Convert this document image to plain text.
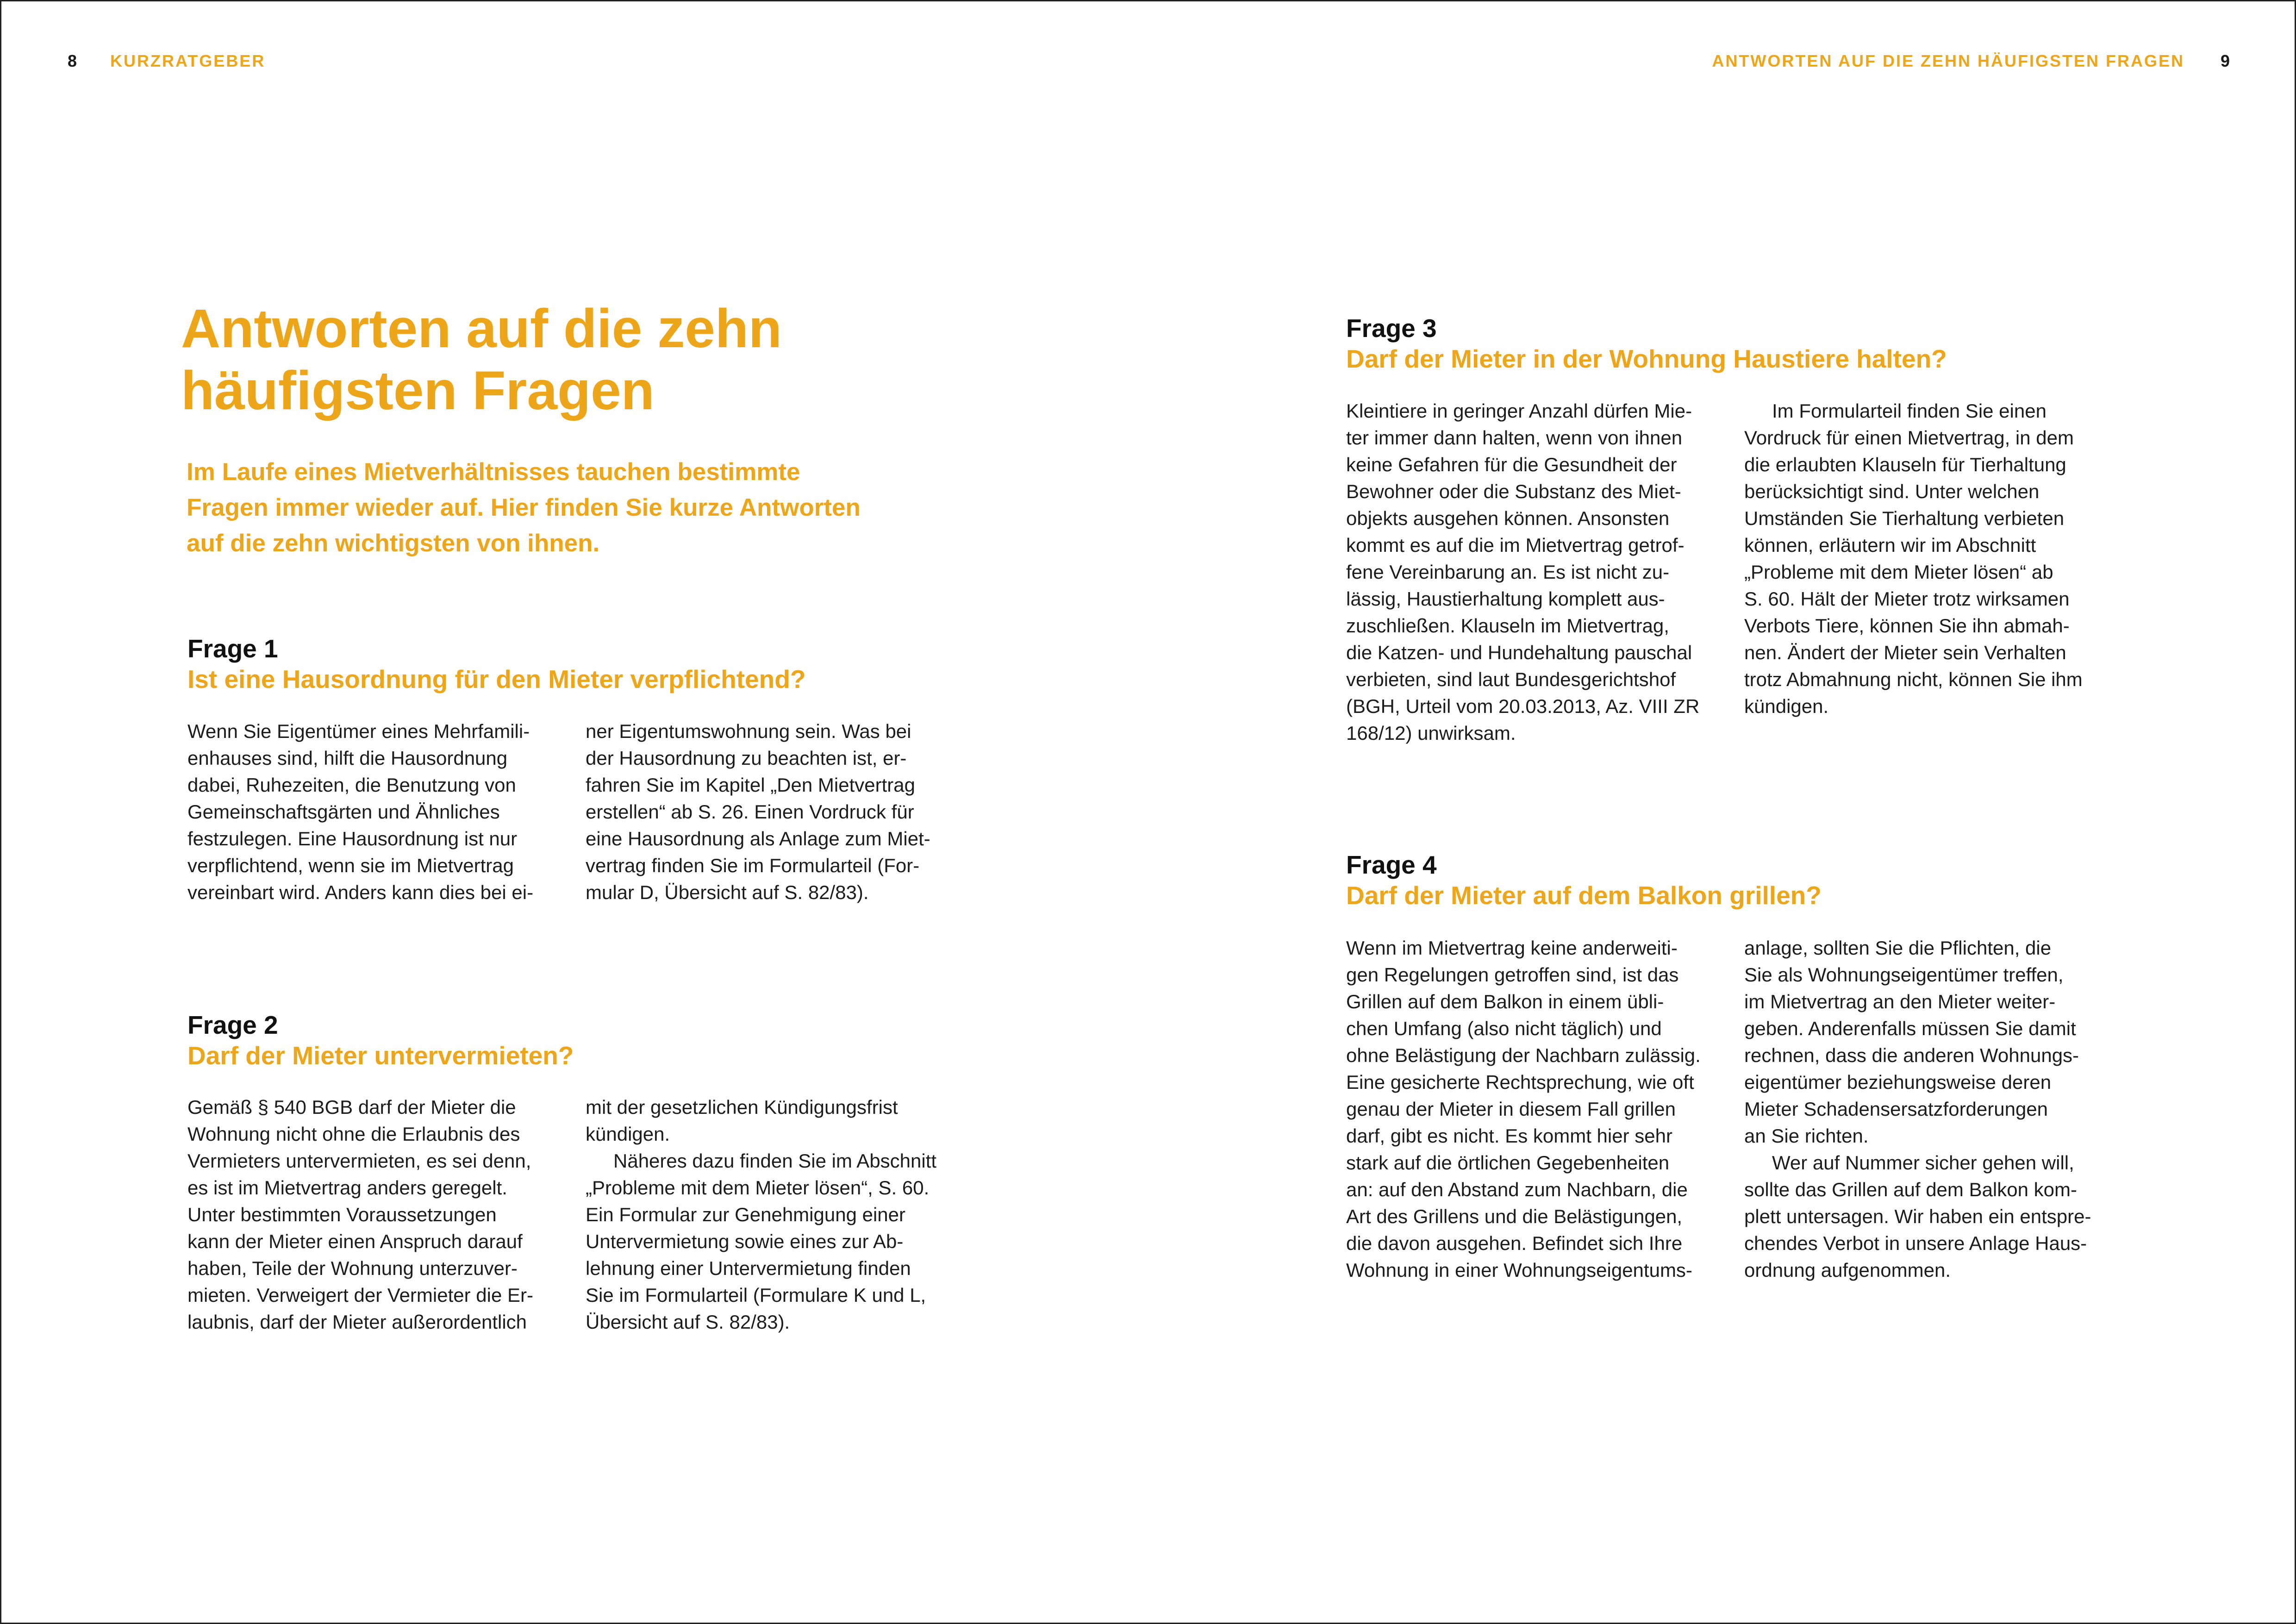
8 KURZRATGEBER	ANTWORTEN AUF DIE ZEHN HÄUFIGSTEN FRAGEN 9
Antworten auf die zehn
häufigsten Fragen

Im Laufe eines Mietverhältnisses tauchen bestimmte
Fragen immer wieder auf. Hier finden Sie kurze Antworten
auf die zehn wichtigsten von ihnen.

Frage 1

Ist eine Hausordnung für den Mieter verpflichtend?

Wenn Sie Eigentümer eines Mehrfamili-

enhauses sind, hilft die Hausordnung

dabei, Ruhezeiten, die Benutzung von

Gemeinschaftsgärten und Ähnliches

festzulegen. Eine Hausordnung ist nur

verpflichtend, wenn sie im Mietvertrag

vereinbart wird. Anders kann dies bei ei-

ner Eigentumswohnung sein. Was bei

der Hausordnung zu beachten ist, er-

fahren Sie im Kapitel „Den Mietvertrag

erstellen“ ab S. 26. Einen Vordruck für

eine Hausordnung als Anlage zum Miet-

vertrag finden Sie im Formularteil (For-

mular D, Übersicht auf S. 82/83).

Frage 2

Darf der Mieter untervermieten?

Gemäß § 540 BGB darf der Mieter die

Wohnung nicht ohne die Erlaubnis des

Vermieters untervermieten, es sei denn,

es ist im Mietvertrag anders geregelt.

Unter bestimmten Voraussetzungen

kann der Mieter einen Anspruch darauf

haben, Teile der Wohnung unterzuver-

mieten. Verweigert der Vermieter die Er-

laubnis, darf der Mieter außerordentlich

mit der gesetzlichen Kündigungsfrist

kündigen.

Näheres dazu finden Sie im Abschnitt

„Probleme mit dem Mieter lösen“, S. 60.

Ein Formular zur Genehmigung einer

Untervermietung sowie eines zur Ab-

lehnung einer Untervermietung finden

Sie im Formularteil (Formulare K und L,

Übersicht auf S. 82/83).

Frage 3

Darf der Mieter in der Wohnung Haustiere halten?

Kleintiere in geringer Anzahl dürfen Mie-

ter immer dann halten, wenn von ihnen

keine Gefahren für die Gesundheit der

Bewohner oder die Substanz des Miet-

objekts ausgehen können. Ansonsten

kommt es auf die im Mietvertrag getrof-

fene Vereinbarung an. Es ist nicht zu-

lässig, Haustierhaltung komplett aus-

zuschließen. Klauseln im Mietvertrag,

die Katzen- und Hundehaltung pauschal

verbieten, sind laut Bundesgerichtshof

(BGH, Urteil vom 20.03.2013, Az. VIII ZR

168/12) unwirksam.

Im Formularteil finden Sie einen

Vordruck für einen Mietvertrag, in dem

die erlaubten Klauseln für Tierhaltung

berücksichtigt sind. Unter welchen

Umständen Sie Tierhaltung verbieten

können, erläutern wir im Abschnitt

„Probleme mit dem Mieter lösen“ ab

S. 60. Hält der Mieter trotz wirksamen

Verbots Tiere, können Sie ihn abmah-

nen. Ändert der Mieter sein Verhalten

trotz Abmahnung nicht, können Sie ihm

kündigen.

Frage 4

Darf der Mieter auf dem Balkon grillen?

Wenn im Mietvertrag keine anderweiti-

gen Regelungen getroffen sind, ist das

Grillen auf dem Balkon in einem übli-

chen Umfang (also nicht täglich) und

ohne Belästigung der Nachbarn zulässig.

Eine gesicherte Rechtsprechung, wie oft

genau der Mieter in diesem Fall grillen

darf, gibt es nicht. Es kommt hier sehr

stark auf die örtlichen Gegebenheiten

an: auf den Abstand zum Nachbarn, die

Art des Grillens und die Belästigungen,

die davon ausgehen. Befindet sich Ihre

Wohnung in einer Wohnungseigentums-

anlage, sollten Sie die Pflichten, die

Sie als Wohnungseigentümer treffen,

im Mietvertrag an den Mieter weiter-

geben. Anderenfalls müssen Sie damit

rechnen, dass die anderen Wohnungs-

eigentümer beziehungsweise deren

Mieter Schadensersatzforderungen

an Sie richten.

Wer auf Nummer sicher gehen will,

sollte das Grillen auf dem Balkon kom-

plett untersagen. Wir haben ein entspre-

chendes Verbot in unsere Anlage Haus-

ordnung aufgenommen.
